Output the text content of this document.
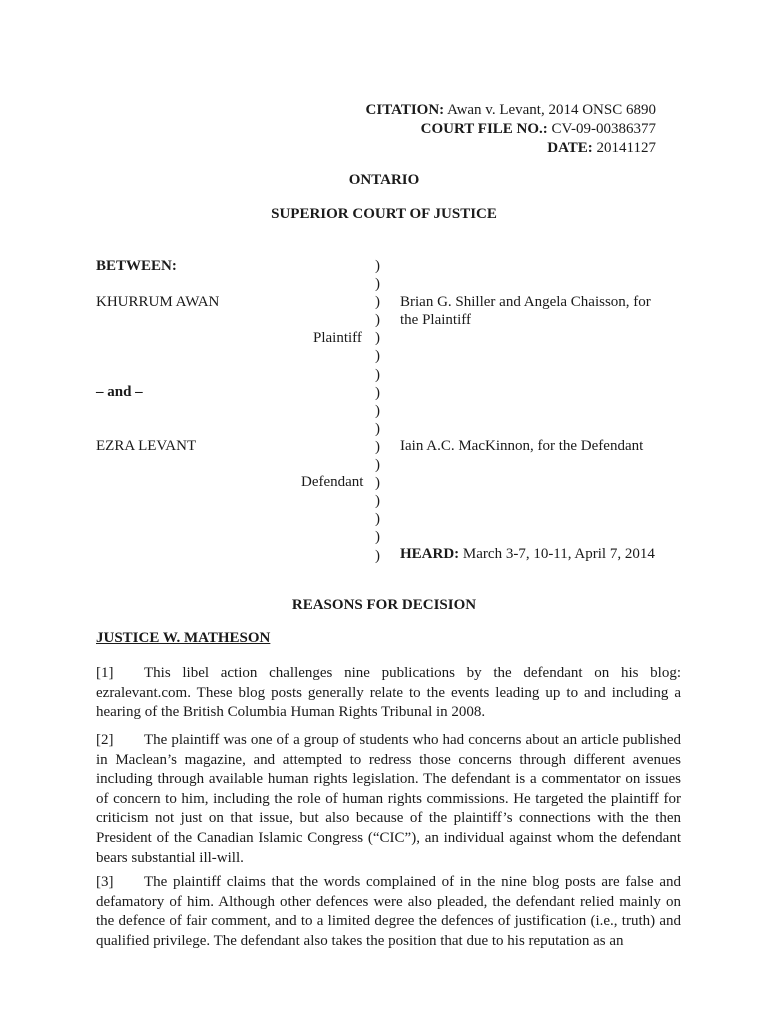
CITATION: Awan v. Levant, 2014 ONSC 6890
COURT FILE NO.: CV-09-00386377
DATE: 20141127
ONTARIO
SUPERIOR COURT OF JUSTICE
BETWEEN:
KHURRUM AWAN
Plaintiff
– and –
EZRA LEVANT
Defendant
)
)
)
)
)
)
)
)
)
)
)
)
)
)
)
)
)
Brian G. Shiller and Angela Chaisson, for
the Plaintiff
Iain A.C. MacKinnon, for the Defendant
HEARD: March 3-7, 10-11, April 7, 2014
REASONS FOR DECISION
JUSTICE W. MATHESON
[1] This libel action challenges nine publications by the defendant on his blog: ezralevant.com. These blog posts generally relate to the events leading up to and including a hearing of the British Columbia Human Rights Tribunal in 2008.
[2] The plaintiff was one of a group of students who had concerns about an article published in Maclean’s magazine, and attempted to redress those concerns through different avenues including through available human rights legislation. The defendant is a commentator on issues of concern to him, including the role of human rights commissions. He targeted the plaintiff for criticism not just on that issue, but also because of the plaintiff’s connections with the then President of the Canadian Islamic Congress (“CIC”), an individual against whom the defendant bears substantial ill-will.
[3] The plaintiff claims that the words complained of in the nine blog posts are false and defamatory of him. Although other defences were also pleaded, the defendant relied mainly on the defence of fair comment, and to a limited degree the defences of justification (i.e., truth) and qualified privilege. The defendant also takes the position that due to his reputation as an
